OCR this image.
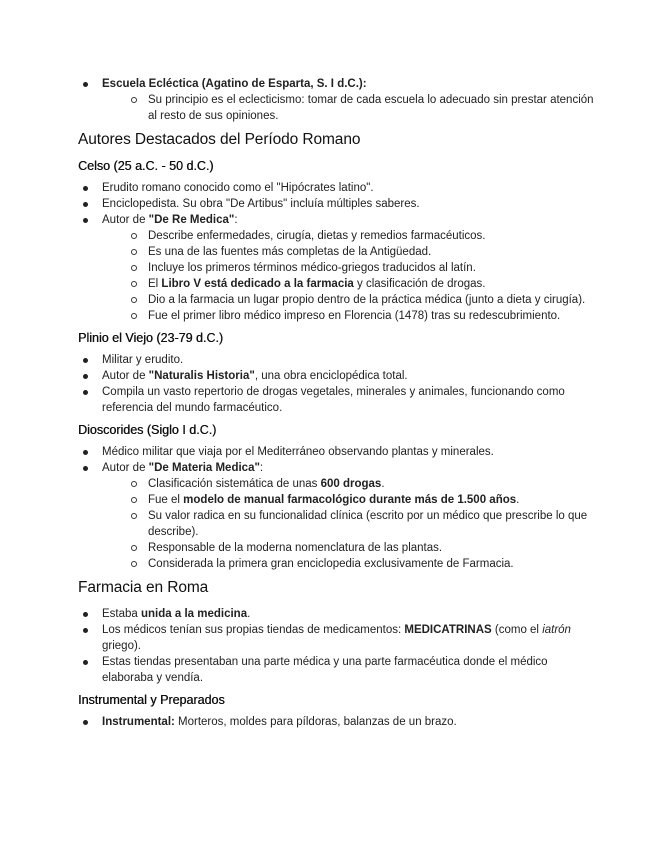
Escuela Ecléctica (Agatino de Esparta, S. I d.C.):
Su principio es el eclecticismo: tomar de cada escuela lo adecuado sin prestar atención al resto de sus opiniones.
Autores Destacados del Período Romano
Celso (25 a.C. - 50 d.C.)
Erudito romano conocido como el "Hipócrates latino".
Enciclopedista. Su obra "De Artibus" incluía múltiples saberes.
Autor de "De Re Medica":
Describe enfermedades, cirugía, dietas y remedios farmacéuticos.
Es una de las fuentes más completas de la Antigüedad.
Incluye los primeros términos médico-griegos traducidos al latín.
El Libro V está dedicado a la farmacia y clasificación de drogas.
Dio a la farmacia un lugar propio dentro de la práctica médica (junto a dieta y cirugía).
Fue el primer libro médico impreso en Florencia (1478) tras su redescubrimiento.
Plinio el Viejo (23-79 d.C.)
Militar y erudito.
Autor de "Naturalis Historia", una obra enciclopédica total.
Compila un vasto repertorio de drogas vegetales, minerales y animales, funcionando como referencia del mundo farmacéutico.
Dioscorides (Siglo I d.C.)
Médico militar que viaja por el Mediterráneo observando plantas y minerales.
Autor de "De Materia Medica":
Clasificación sistemática de unas 600 drogas.
Fue el modelo de manual farmacológico durante más de 1.500 años.
Su valor radica en su funcionalidad clínica (escrito por un médico que prescribe lo que describe).
Responsable de la moderna nomenclatura de las plantas.
Considerada la primera gran enciclopedia exclusivamente de Farmacia.
Farmacia en Roma
Estaba unida a la medicina.
Los médicos tenían sus propias tiendas de medicamentos: MEDICATRINAS (como el iatrón griego).
Estas tiendas presentaban una parte médica y una parte farmacéutica donde el médico elaboraba y vendía.
Instrumental y Preparados
Instrumental: Morteros, moldes para píldoras, balanzas de un brazo.
